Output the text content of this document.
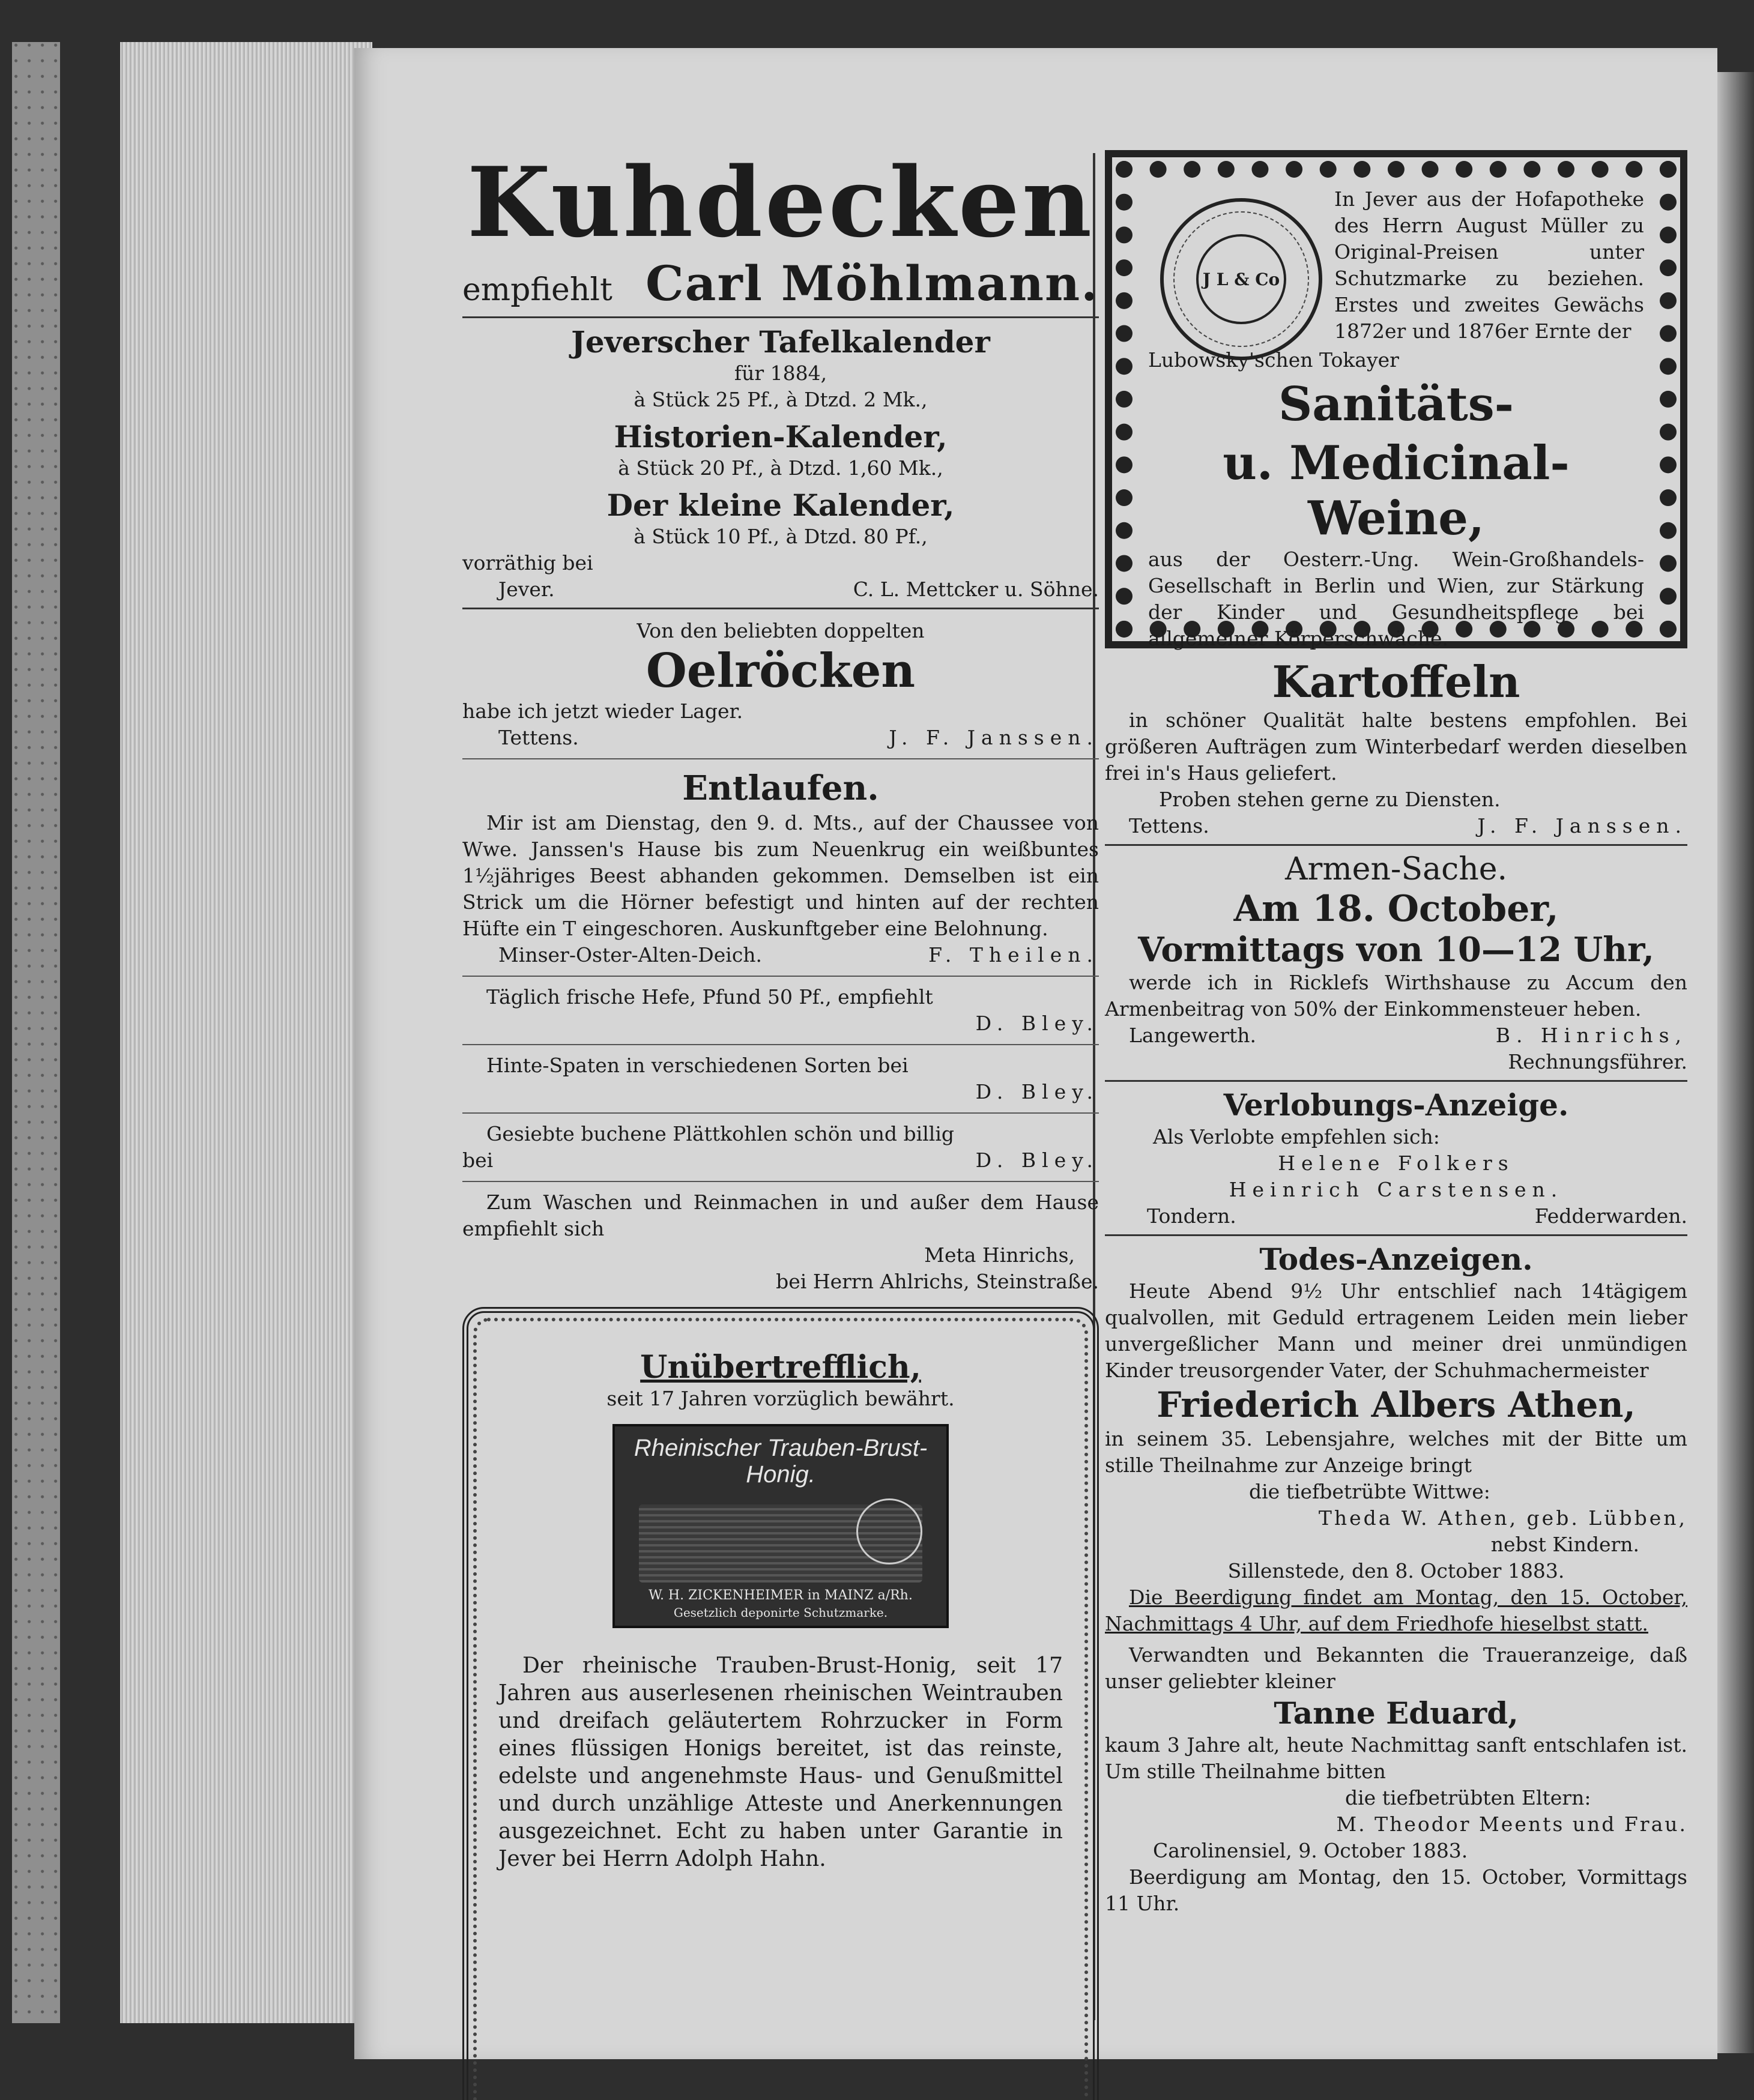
Kuhdecken
empfiehlt Carl Möhlmann.
Jeverscher Tafelkalender
für 1884,
à Stück 25 Pf., à Dtzd. 2 Mk.,
Historien-Kalender,
à Stück 20 Pf., à Dtzd. 1,60 Mk.,
Der kleine Kalender,
à Stück 10 Pf., à Dtzd. 80 Pf.,
vorräthig bei
Jever.	C. L. Mettcker u. Söhne.
Von den beliebten doppelten
Oelröcken
habe ich jetzt wieder Lager.
Tettens.	J. F. Janssen.
Entlaufen.
Mir ist am Dienstag, den 9. d. Mts., auf der Chaussee von Wwe. Janssen's Hause bis zum Neuenkrug ein weißbuntes 1½jähriges Beest abhanden gekommen. Demselben ist ein Strick um die Hörner befestigt und hinten auf der rechten Hüfte ein T eingeschoren. Auskunftgeber eine Belohnung.
Minser-Oster-Alten-Deich.	F. Theilen.
Täglich frische Hefe, Pfund 50 Pf., empfiehlt
D. Bley.
Hinte-Spaten in verschiedenen Sorten bei
D. Bley.
Gesiebte buchene Plättkohlen schön und billig
bei	D. Bley.
Zum Waschen und Reinmachen in und außer dem Hause empfiehlt sich
Meta Hinrichs,
bei Herrn Ahlrichs, Steinstraße.
Unübertrefflich,
seit 17 Jahren vorzüglich bewährt.
Rheinischer Trauben-Brust-Honig.
W. H. ZICKENHEIMER in MAINZ a/Rh.
Gesetzlich deponirte Schutzmarke.
Der rheinische Trauben-Brust-Honig, seit 17 Jahren aus auserlesenen rheinischen Weintrauben und dreifach geläutertem Rohrzucker in Form eines flüssigen Honigs bereitet, ist das reinste, edelste und angenehmste Haus- und Genußmittel und durch unzählige Atteste und Anerkennungen ausgezeichnet. Echt zu haben unter Garantie in Jever bei Herrn Adolph Hahn.
J L & Co
In Jever aus der Hofapotheke des Herrn August Müller zu Original-Preisen unter Schutzmarke zu beziehen. Erstes und zweites Gewächs 1872er und 1876er Ernte der
Lubowsky'schen Tokayer
Sanitäts-
u. Medicinal-Weine,
aus der Oesterr.-Ung. Wein-Großhandels-Gesellschaft in Berlin und Wien, zur Stärkung der Kinder und Gesundheitspflege bei allgemeiner Körperschwäche.
Kartoffeln
in schöner Qualität halte bestens empfohlen. Bei größeren Aufträgen zum Winterbedarf werden dieselben frei in's Haus geliefert.
Proben stehen gerne zu Diensten.
Tettens.	J. F. Janssen.
Armen-Sache.
Am 18. October,
Vormittags von 10—12 Uhr,
werde ich in Ricklefs Wirthshause zu Accum den Armenbeitrag von 50% der Einkommensteuer heben.
Langewerth.	B. Hinrichs,
Rechnungsführer.
Verlobungs-Anzeige.
Als Verlobte empfehlen sich:
Helene Folkers
Heinrich Carstensen.
Tondern.	Fedderwarden.
Todes-Anzeigen.
Heute Abend 9½ Uhr entschlief nach 14tägigem qualvollen, mit Geduld ertragenem Leiden mein lieber unvergeßlicher Mann und meiner drei unmündigen Kinder treusorgender Vater, der Schuhmachermeister
Friederich Albers Athen,
in seinem 35. Lebensjahre, welches mit der Bitte um stille Theilnahme zur Anzeige bringt
die tiefbetrübte Wittwe:
Theda W. Athen, geb. Lübben,
nebst Kindern.
Sillenstede, den 8. October 1883.
Die Beerdigung findet am Montag, den 15. October, Nachmittags 4 Uhr, auf dem Friedhofe hieselbst statt.
Verwandten und Bekannten die Traueranzeige, daß unser geliebter kleiner
Tanne Eduard,
kaum 3 Jahre alt, heute Nachmittag sanft entschlafen ist. Um stille Theilnahme bitten
die tiefbetrübten Eltern:
M. Theodor Meents und Frau.
Carolinensiel, 9. October 1883.
Beerdigung am Montag, den 15. October, Vormittags 11 Uhr.
